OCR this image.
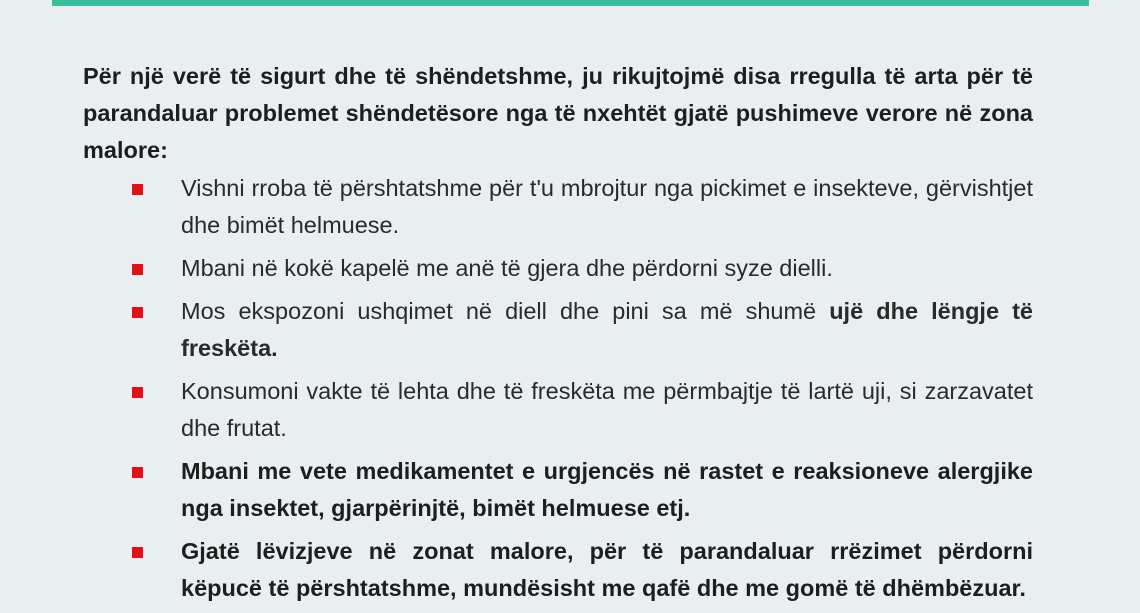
Për një verë të sigurt dhe të shëndetshme, ju rikujtojmë disa rregulla të arta për të parandaluar problemet shëndetësore nga të nxehtët gjatë pushimeve verore në zona malore:

Vishni rroba të përshtatshme për t'u mbrojtur nga pickimet e insekteve, gërvishtjet dhe bimët helmuese.
Mbani në kokë kapelë me anë të gjera dhe përdorni syze dielli.
Mos ekspozoni ushqimet në diell dhe pini sa më shumë ujë dhe lëngje të freskëta.
Konsumoni vakte të lehta dhe të freskëta me përmbajtje të lartë uji, si zarzavatet dhe frutat.
Mbani me vete medikamentet e urgjencës në rastet e reaksioneve alergjike nga insektet, gjarpërinjtë, bimët helmuese etj.
Gjatë lëvizjeve në zonat malore, për të parandaluar rrëzimet përdorni këpucë të përshtatshme, mundësisht me qafë dhe me gomë të dhëmbëzuar.
